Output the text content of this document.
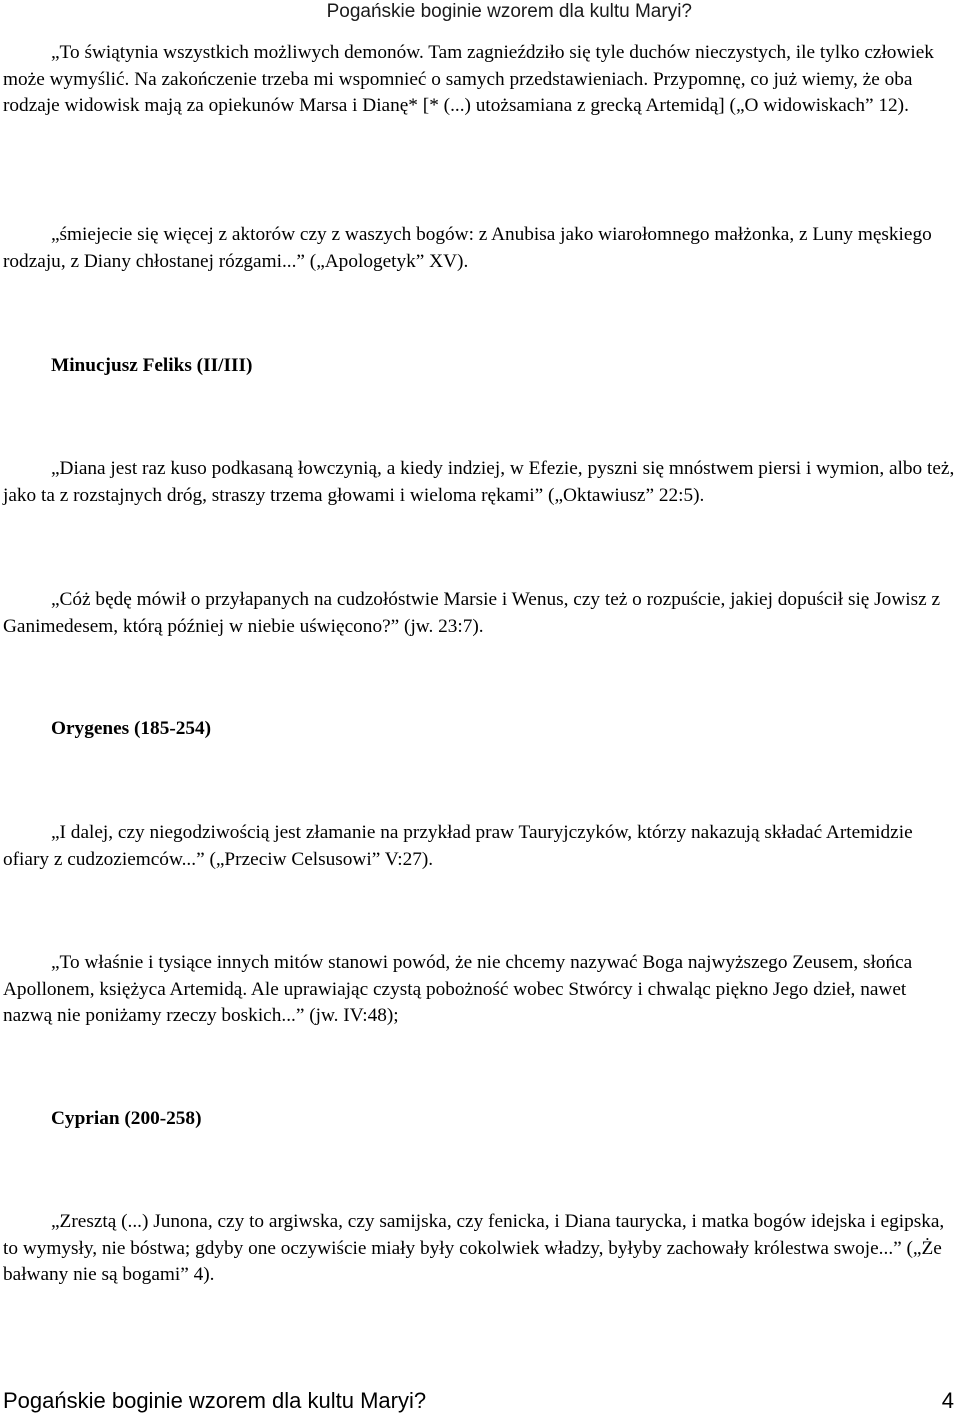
Pogańskie boginie wzorem dla kultu Maryi?

„To świątynia wszystkich możliwych demonów. Tam zagnieździło się tyle duchów nieczystych, ile tylko człowiek może wymyślić. Na zakończenie trzeba mi wspomnieć o samych przedstawieniach. Przypomnę, co już wiemy, że oba rodzaje widowisk mają za opiekunów Marsa i Dianę* [* (...) utożsamiana z grecką Artemidą] („O widowiskach” 12).

„śmiejecie się więcej z aktorów czy z waszych bogów: z Anubisa jako wiarołomnego małżonka, z Luny męskiego rodzaju, z Diany chłostanej rózgami...” („Apologetyk” XV).

Minucjusz Feliks (II/III)

„Diana jest raz kuso podkasaną łowczynią, a kiedy indziej, w Efezie, pyszni się mnóstwem piersi i wymion, albo też, jako ta z rozstajnych dróg, straszy trzema głowami i wieloma rękami” („Oktawiusz” 22:5).

„Cóż będę mówił o przyłapanych na cudzołóstwie Marsie i Wenus, czy też o rozpuście, jakiej dopuścił się Jowisz z Ganimedesem, którą później w niebie uświęcono?” (jw. 23:7).

Orygenes (185-254)

„I dalej, czy niegodziwością jest złamanie na przykład praw Tauryjczyków, którzy nakazują składać Artemidzie ofiary z cudzoziemców...” („Przeciw Celsusowi” V:27).

„To właśnie i tysiące innych mitów stanowi powód, że nie chcemy nazywać Boga najwyższego Zeusem, słońca Apollonem, księżyca Artemidą. Ale uprawiając czystą pobożność wobec Stwórcy i chwaląc piękno Jego dzieł, nawet nazwą nie poniżamy rzeczy boskich...” (jw. IV:48);

Cyprian (200-258)

„Zresztą (...) Junona, czy to argiwska, czy samijska, czy fenicka, i Diana taurycka, i matka bogów idejska i egipska, to wymysły, nie bóstwa; gdyby one oczywiście miały były cokolwiek władzy, byłyby zachowały królestwa swoje...” („Że bałwany nie są bogami” 4).

Pogańskie boginie wzorem dla kultu Maryi?	4
